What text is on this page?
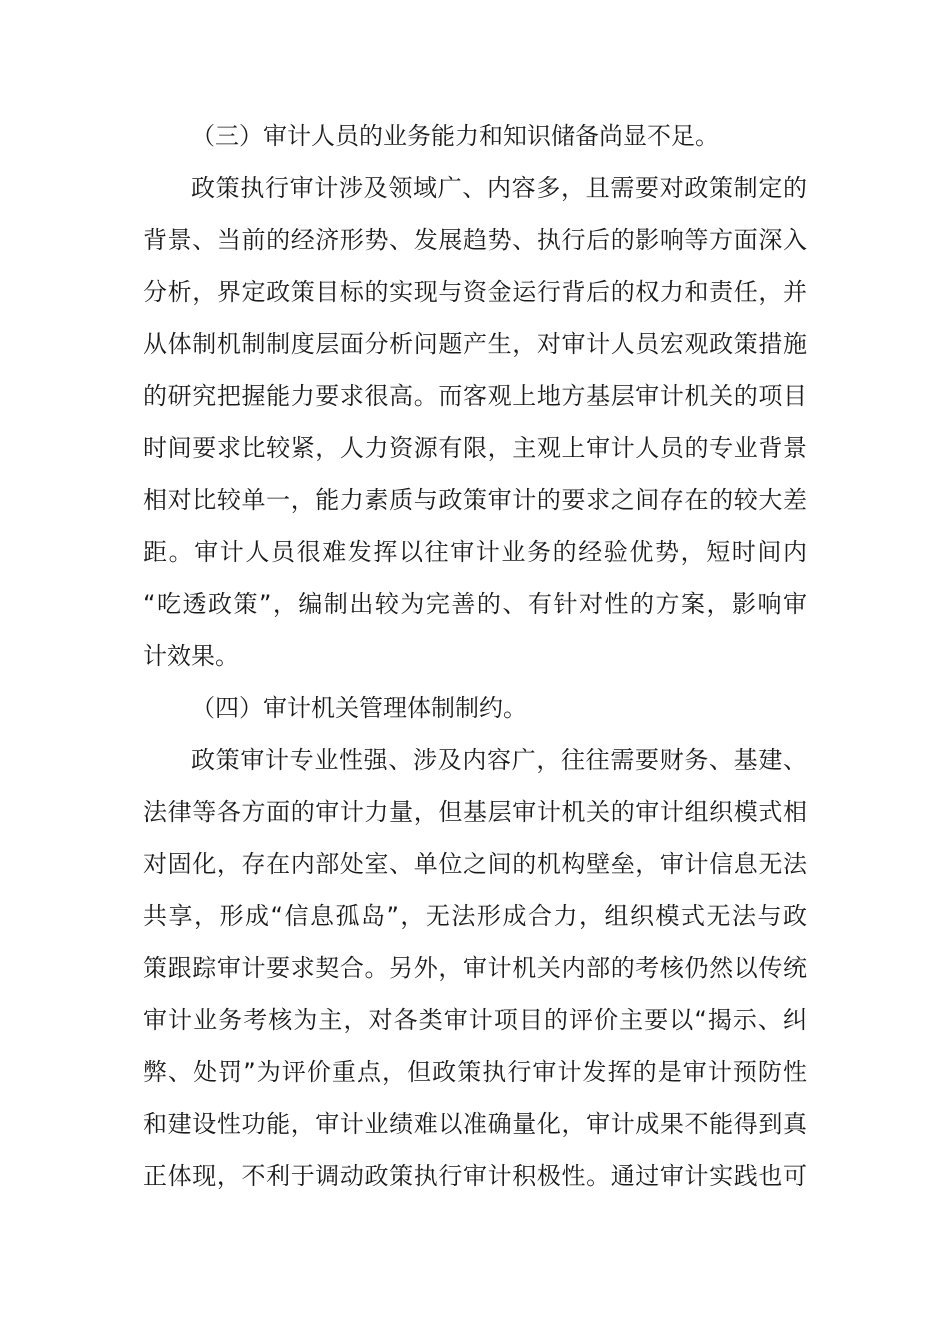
（三）审计人员的业务能力和知识储备尚显不足。
政策执行审计涉及领域广、内容多，且需要对政策制定的
背景、当前的经济形势、发展趋势、执行后的影响等方面深入
分析，界定政策目标的实现与资金运行背后的权力和责任，并
从体制机制制度层面分析问题产生，对审计人员宏观政策措施
的研究把握能力要求很高。而客观上地方基层审计机关的项目
时间要求比较紧，人力资源有限，主观上审计人员的专业背景
相对比较单一，能力素质与政策审计的要求之间存在的较大差
距。审计人员很难发挥以往审计业务的经验优势，短时间内
“吃透政策”，编制出较为完善的、有针对性的方案，影响审
计效果。
（四）审计机关管理体制制约。
政策审计专业性强、涉及内容广，往往需要财务、基建、
法律等各方面的审计力量，但基层审计机关的审计组织模式相
对固化，存在内部处室、单位之间的机构壁垒，审计信息无法
共享，形成“信息孤岛”，无法形成合力，组织模式无法与政
策跟踪审计要求契合。另外，审计机关内部的考核仍然以传统
审计业务考核为主，对各类审计项目的评价主要以“揭示、纠
弊、处罚”为评价重点，但政策执行审计发挥的是审计预防性
和建设性功能，审计业绩难以准确量化，审计成果不能得到真
正体现，不利于调动政策执行审计积极性。通过审计实践也可
